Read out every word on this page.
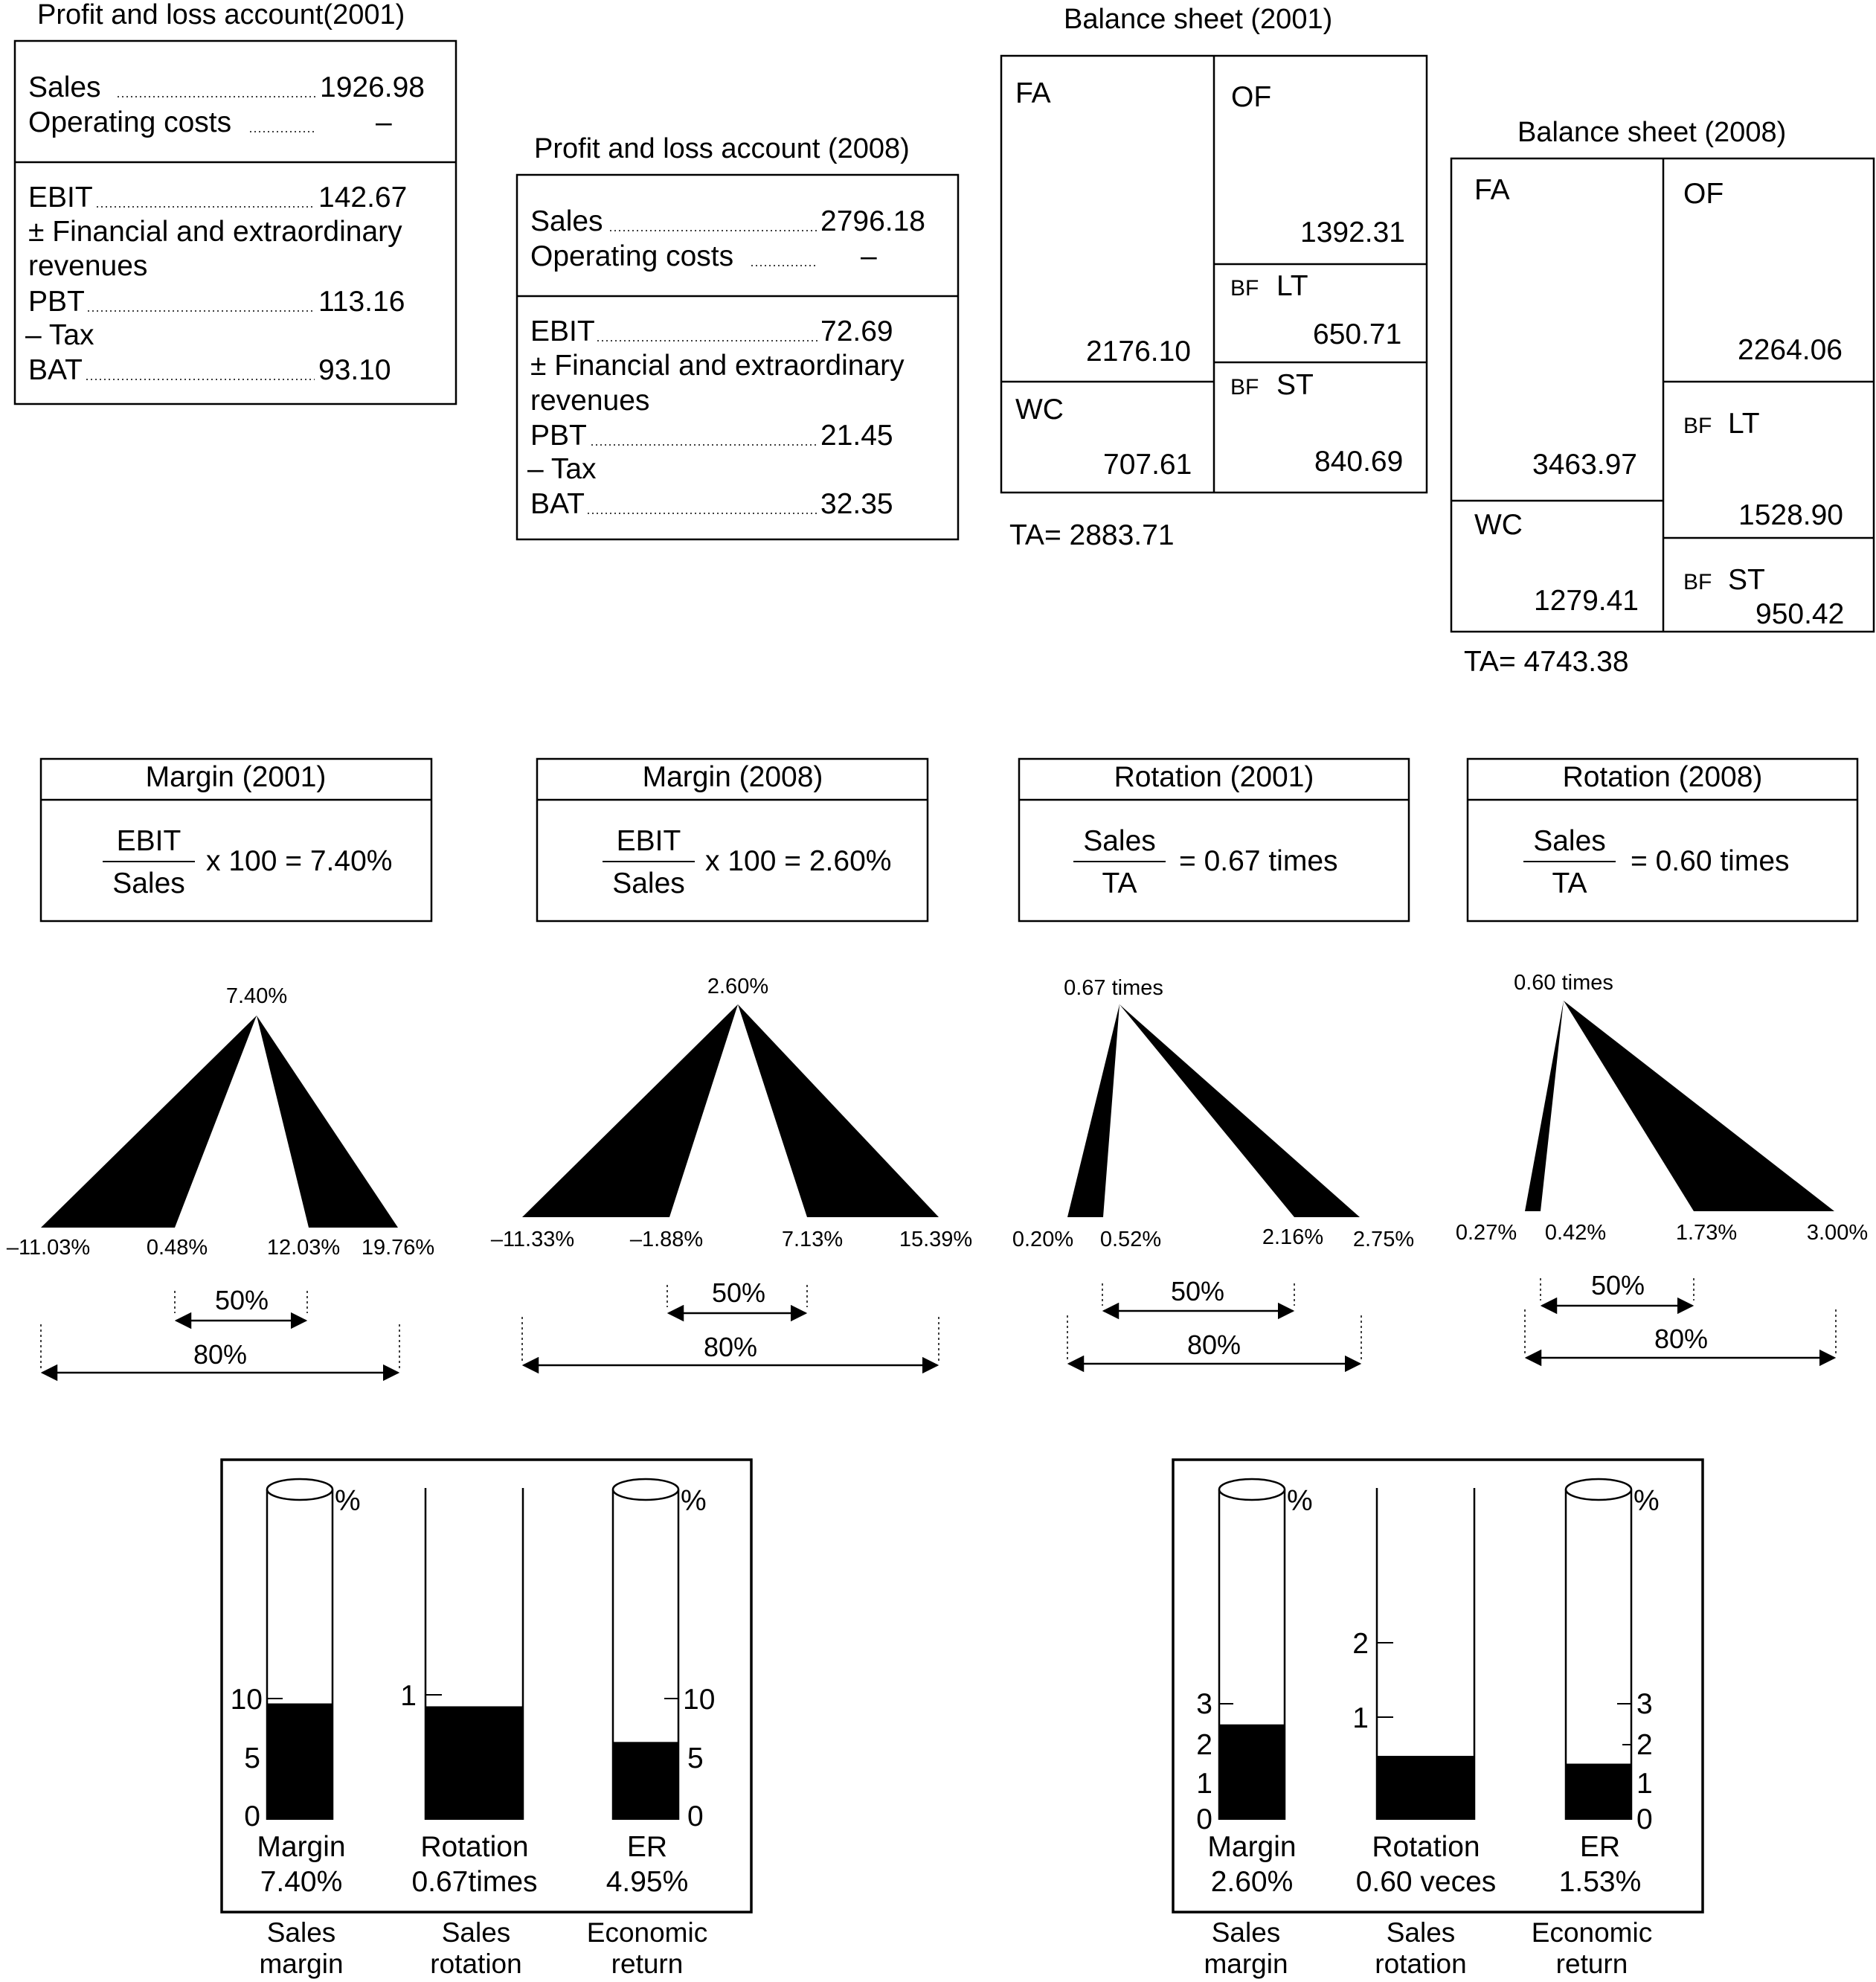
Profit and loss account(2001)
Sales	1926.98
Operating costs	–
EBIT	142.67
± Financial and extraordinary
revenues
PBT	113.16
– Tax
BAT	93.10
Profit and loss account (2008)
Sales	2796.18
Operating costs	–
EBIT	72.69
± Financial and extraordinary
revenues
PBT	21.45
– Tax
BAT	32.35
Balance sheet (2001)
FA
2176.10
WC
707.61
OF
1392.31
BF LT
650.71
BF ST
840.69
TA= 2883.71
Balance sheet (2008)
FA
3463.97
WC
1279.41
OF
2264.06
BF LT
1528.90
BF ST
950.42
TA= 4743.38
Margin (2001)
EBIT
Sales
x 100 = 7.40%
Margin (2008)
EBIT
Sales
x 100 = 2.60%
Rotation (2001)
Sales
TA
= 0.67 times
Rotation (2008)
Sales
TA
= 0.60 times
7.40%
–11.03%	0.48%	12.03% 19.76%
50%
80%
2.60%
–11.33%	–1.88%	7.13%	15.39%
50%
80%
0.67 times
0.20% 0.52%	2.16% 2.75%
50%
80%
0.60 times
0.27% 0.42%	1.73%	3.00%
50%
80%
%
10
5
0
1
%
10
5
0
Margin
7.40%
Rotation
0.67times
ER
4.95%
Sales
margin
Sales
rotation
Economic
return
%
3
2
1
0
2
1
%
3
2
1
0
Margin
2.60%
Rotation
0.60 veces
ER
1.53%
Sales
margin
Sales
rotation
Economic
return
